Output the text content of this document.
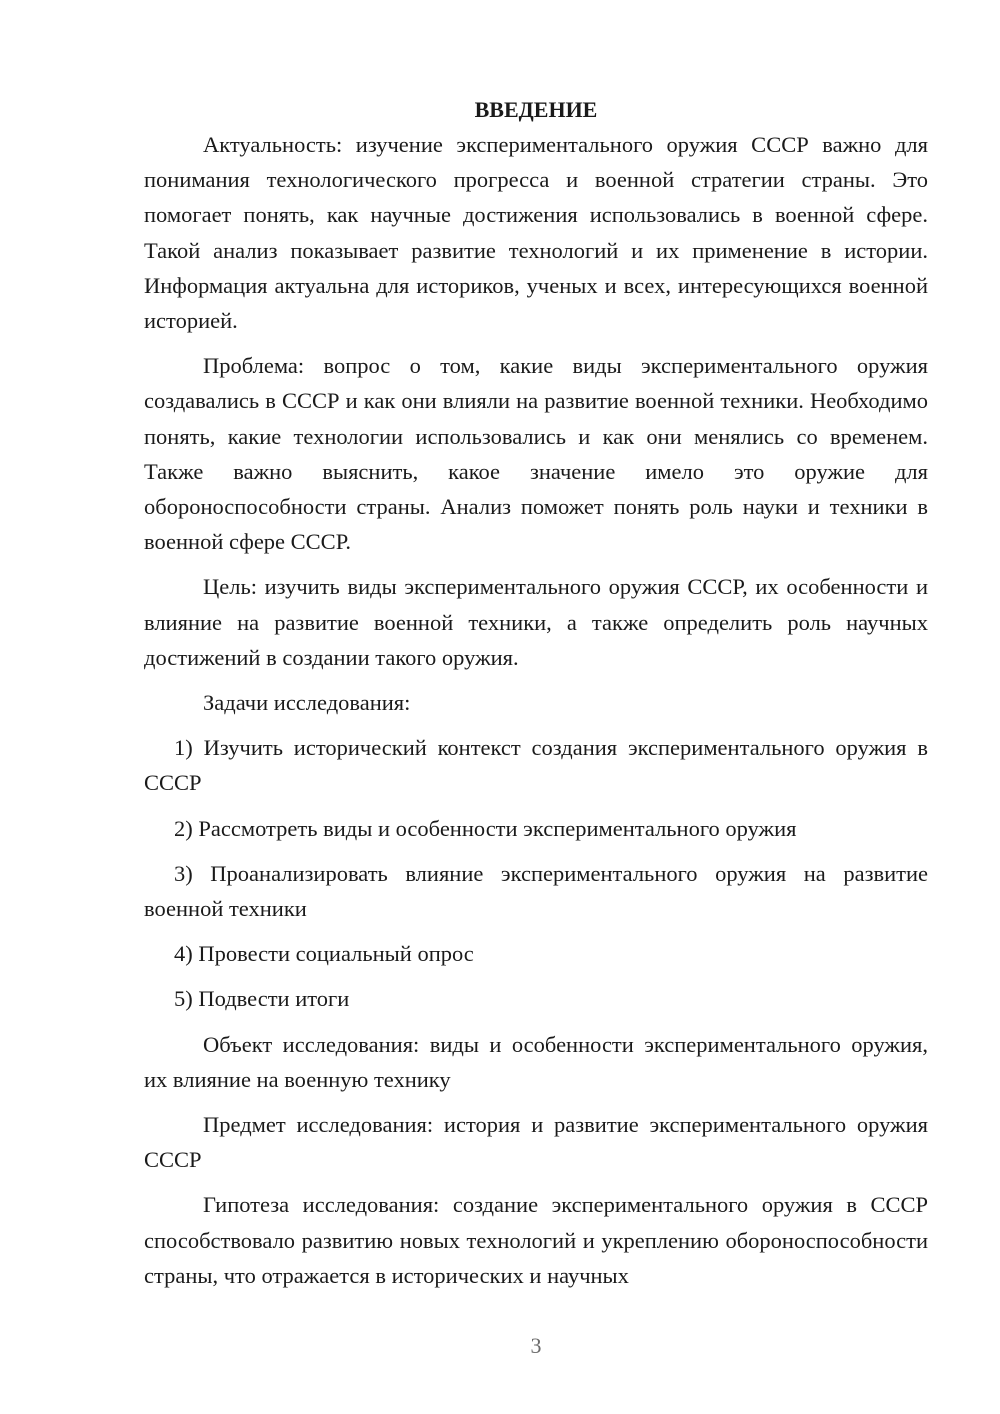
ВВЕДЕНИЕ

Актуальность: изучение экспериментального оружия СССР важно для понимания технологического прогресса и военной стратегии страны. Это помогает понять, как научные достижения использовались в военной сфере. Такой анализ показывает развитие технологий и их применение в истории. Информация актуальна для историков, ученых и всех, интересующихся военной историей.

Проблема: вопрос о том, какие виды экспериментального оружия создавались в СССР и как они влияли на развитие военной техники. Необходимо понять, какие технологии использовались и как они менялись со временем. Также важно выяснить, какое значение имело это оружие для обороноспособности страны. Анализ поможет понять роль науки и техники в военной сфере СССР.

Цель: изучить виды экспериментального оружия СССР, их особенности и влияние на развитие военной техники, а также определить роль научных достижений в создании такого оружия.

Задачи исследования:

1) Изучить исторический контекст создания экспериментального оружия в СССР

2) Рассмотреть виды и особенности экспериментального оружия

3) Проанализировать влияние экспериментального оружия на развитие военной техники

4) Провести социальный опрос

5) Подвести итоги

Объект исследования: виды и особенности экспериментального оружия, их влияние на военную технику

Предмет исследования: история и развитие экспериментального оружия СССР

Гипотеза исследования: создание экспериментального оружия в СССР способствовало развитию новых технологий и укреплению обороноспособности страны, что отражается в исторических и научных

3
